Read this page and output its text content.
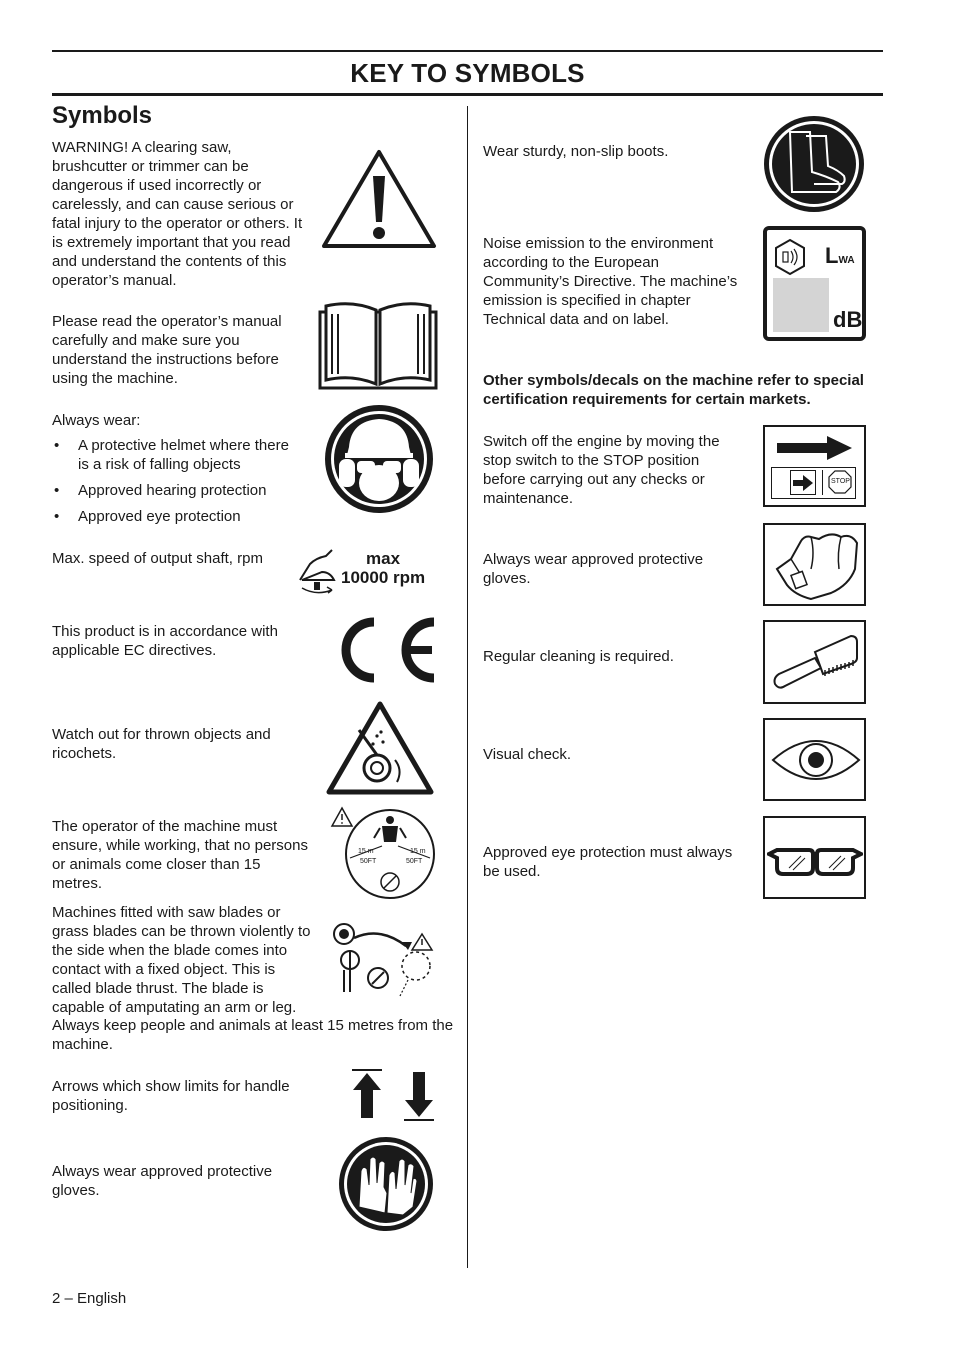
KEY TO SYMBOLS
Symbols
WARNING! A clearing saw, brushcutter or trimmer can be dangerous if used incorrectly or carelessly, and can cause serious or fatal injury to the operator or others. It is extremely important that you read and understand the contents of this operator’s manual.
Please read the operator’s manual carefully and make sure you understand the instructions before using the machine.
Always wear:
• A protective helmet where there is a risk of falling objects
• Approved hearing protection
• Approved eye protection
Max. speed of output shaft, rpm	max
10000 rpm
This product is in accordance with applicable EC directives.
Watch out for thrown objects and ricochets.
The operator of the machine must ensure, while working, that no persons or animals come closer than 15 metres.
15 m
50FT
15 m
50FT
Machines fitted with saw blades or grass blades can be thrown violently to the side when the blade comes into contact with a fixed object. This is called blade thrust. The blade is capable of amputating an arm or leg.
Always keep people and animals at least 15 metres from the machine.
Arrows which show limits for handle positioning.
Always wear approved protective gloves.
2 – English
Wear sturdy, non-slip boots.
Noise emission to the environment according to the European Community’s Directive. The machine’s emission is specified in chapter Technical data and on label.
LWA
dB
Other symbols/decals on the machine refer to special certification requirements for certain markets.
Switch off the engine by moving the stop switch to the STOP position before carrying out any checks or maintenance.
STOP
Always wear approved protective gloves.
Regular cleaning is required.
Visual check.
Approved eye protection must always be used.
